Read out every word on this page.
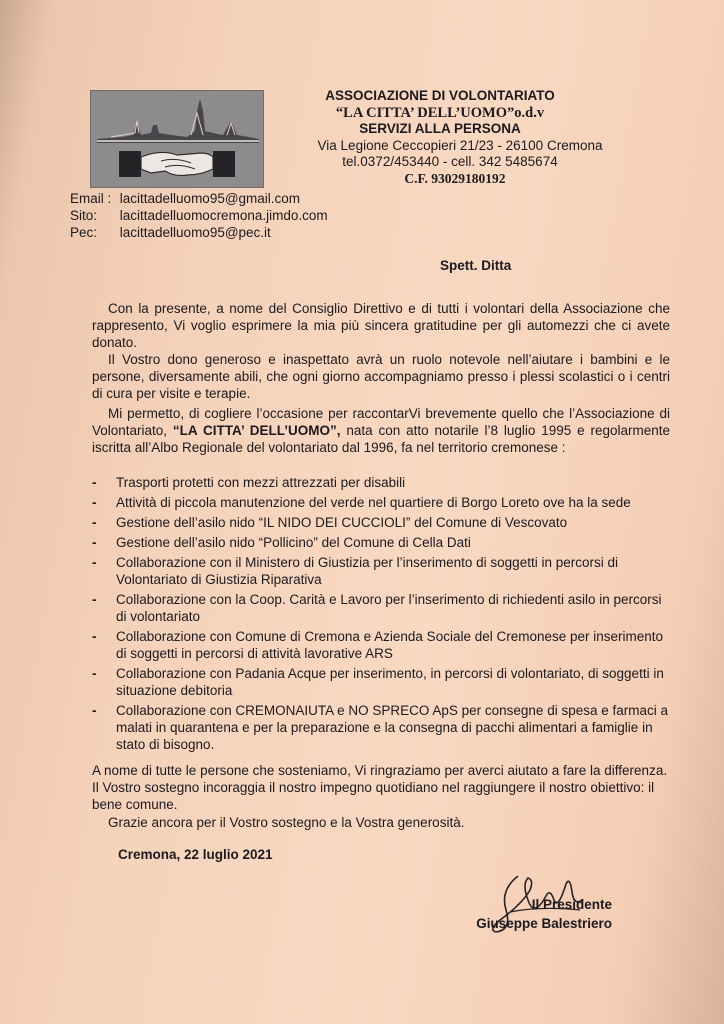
ASSOCIAZIONE DI VOLONTARIATO
“LA CITTA’ DELL’UOMO”o.d.v
SERVIZI ALLA PERSONA
Via Legione Ceccopieri 21/23 - 26100 Cremona
tel.0372/453440 - cell. 342 5485674
C.F. 93029180192
Email : lacittadelluomo95@gmail.com
Sito: lacittadelluomocremona.jimdo.com
Pec: lacittadelluomo95@pec.it
Spett. Ditta
Con la presente, a nome del Consiglio Direttivo e di tutti i volontari della Associazione che rappresento, Vi voglio esprimere la mia più sincera gratitudine per gli automezzi che ci avete donato.
Il Vostro dono generoso e inaspettato avrà un ruolo notevole nell’aiutare i bambini e le persone, diversamente abili, che ogni giorno accompagniamo presso i plessi scolastici o i centri di cura per visite e terapie.
Mi permetto, di cogliere l’occasione per raccontarVi brevemente quello che l’Associazione di Volontariato, “LA CITTA’ DELL’UOMO”, nata con atto notarile l’8 luglio 1995 e regolarmente iscritta all’Albo Regionale del volontariato dal 1996, fa nel territorio cremonese :
- Trasporti protetti con mezzi attrezzati per disabili
- Attività di piccola manutenzione del verde nel quartiere di Borgo Loreto ove ha la sede
- Gestione dell’asilo nido “IL NIDO DEI CUCCIOLI” del Comune di Vescovato
- Gestione dell’asilo nido “Pollicino” del Comune di Cella Dati
- Collaborazione con il Ministero di Giustizia per l’inserimento di soggetti in percorsi di Volontariato di Giustizia Riparativa
- Collaborazione con la Coop. Carità e Lavoro per l’inserimento di richiedenti asilo in percorsi di volontariato
- Collaborazione con Comune di Cremona e Azienda Sociale del Cremonese per inserimento di soggetti in percorsi di attività lavorative ARS
- Collaborazione con Padania Acque per inserimento, in percorsi di volontariato, di soggetti in situazione debitoria
- Collaborazione con CREMONAIUTA e NO SPRECO ApS per consegne di spesa e farmaci a malati in quarantena e per la preparazione e la consegna di pacchi alimentari a famiglie in stato di bisogno.
A nome di tutte le persone che sosteniamo, Vi ringraziamo per averci aiutato a fare la differenza. Il Vostro sostegno incoraggia il nostro impegno quotidiano nel raggiungere il nostro obiettivo: il bene comune.
Grazie ancora per il Vostro sostegno e la Vostra generosità.
Cremona, 22 luglio 2021
Il Presidente
Giuseppe Balestriero
